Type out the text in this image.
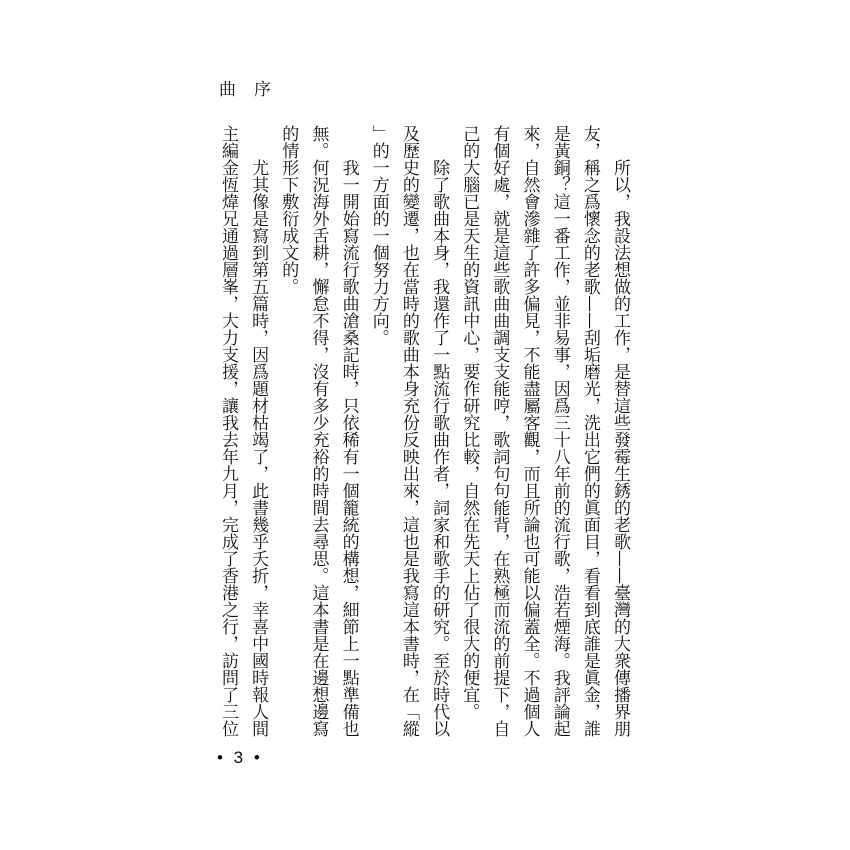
曲 序
所以，我設法想做的工作，是替這些發霉生銹的老歌——臺灣的大衆傳播界朋
友，稱之爲懷念的老歌——刮垢磨光，洗出它們的眞面目，看看到底誰是眞金，誰
是黃銅？這一番工作，並非易事，因爲三十八年前的流行歌，浩若煙海。我評論起
來，自然會滲雜了許多偏見，不能盡屬客觀，而且所論也可能以偏蓋全。不過個人
有個好處，就是這些歌曲曲調支支能哼，歌詞句句能背，在熟極而流的前提下，自
己的大腦已是天生的資訊中心，要作研究比較，自然在先天上佔了很大的便宜。
除了歌曲本身，我還作了一點流行歌曲作者，詞家和歌手的研究。至於時代以
及歷史的變遷，也在當時的歌曲本身充份反映出來，這也是我寫這本書時，在「縱
」的一方面的一個努力方向。
我一開始寫流行歌曲滄桑記時，只依稀有一個籠統的構想，細節上一點準備也
無。何況海外舌耕，懈怠不得，沒有多少充裕的時間去尋思。這本書是在邊想邊寫
的情形下敷衍成文的。
尤其像是寫到第五篇時，因爲題材枯竭了，此書幾乎夭折，幸喜中國時報人間
主編金恆煒兄通過層峯，大力支援，讓我去年九月，完成了香港之行，訪問了三位
• 3 •
